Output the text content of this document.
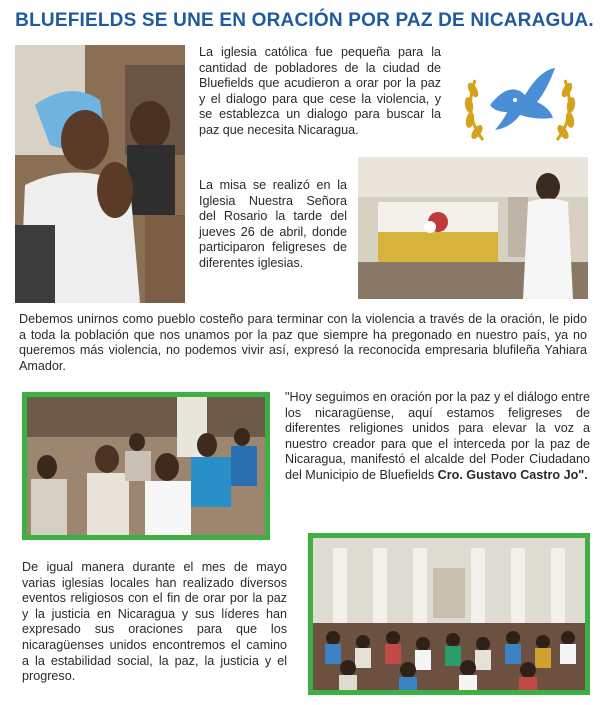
BLUEFIELDS SE UNE EN ORACIÓN POR PAZ DE NICARAGUA.

La iglesia católica fue pequeña para la cantidad de pobladores de la ciudad de Bluefields que acudieron a orar por la paz y el dialogo para que cese la violencia, y se establezca un dialogo para buscar la paz que necesita Nicaragua.

La misa se realizó en la Iglesia Nuestra Señora del Rosario la tarde del jueves 26 de abril, donde participaron feligreses de diferentes iglesias.

Debemos unirnos como pueblo costeño para terminar con la violencia a través de la oración, le pido a toda la población que nos unamos por la paz que siempre ha pregonado en nuestro país, ya no queremos más violencia, no podemos vivir así, expresó la reconocida empresaria blufileña Yahiara Amador.

"Hoy seguimos en oración por la paz y el diálogo entre los nicaragüense, aquí estamos feligreses de diferentes religiones unidos para elevar la voz a nuestro creador para que el interceda por la paz de Nicaragua, manifestó el alcalde del Poder Ciudadano del Municipio de Bluefields Cro. Gustavo Castro Jo".

De igual manera durante el mes de mayo varias iglesias locales han realizado diversos eventos religiosos con el fin de orar por la paz y la justicia en Nicaragua y sus líderes han expresado sus oraciones para que los nicaragüenses unidos encontremos el camino a la estabilidad social, la paz, la justicia y el progreso.
